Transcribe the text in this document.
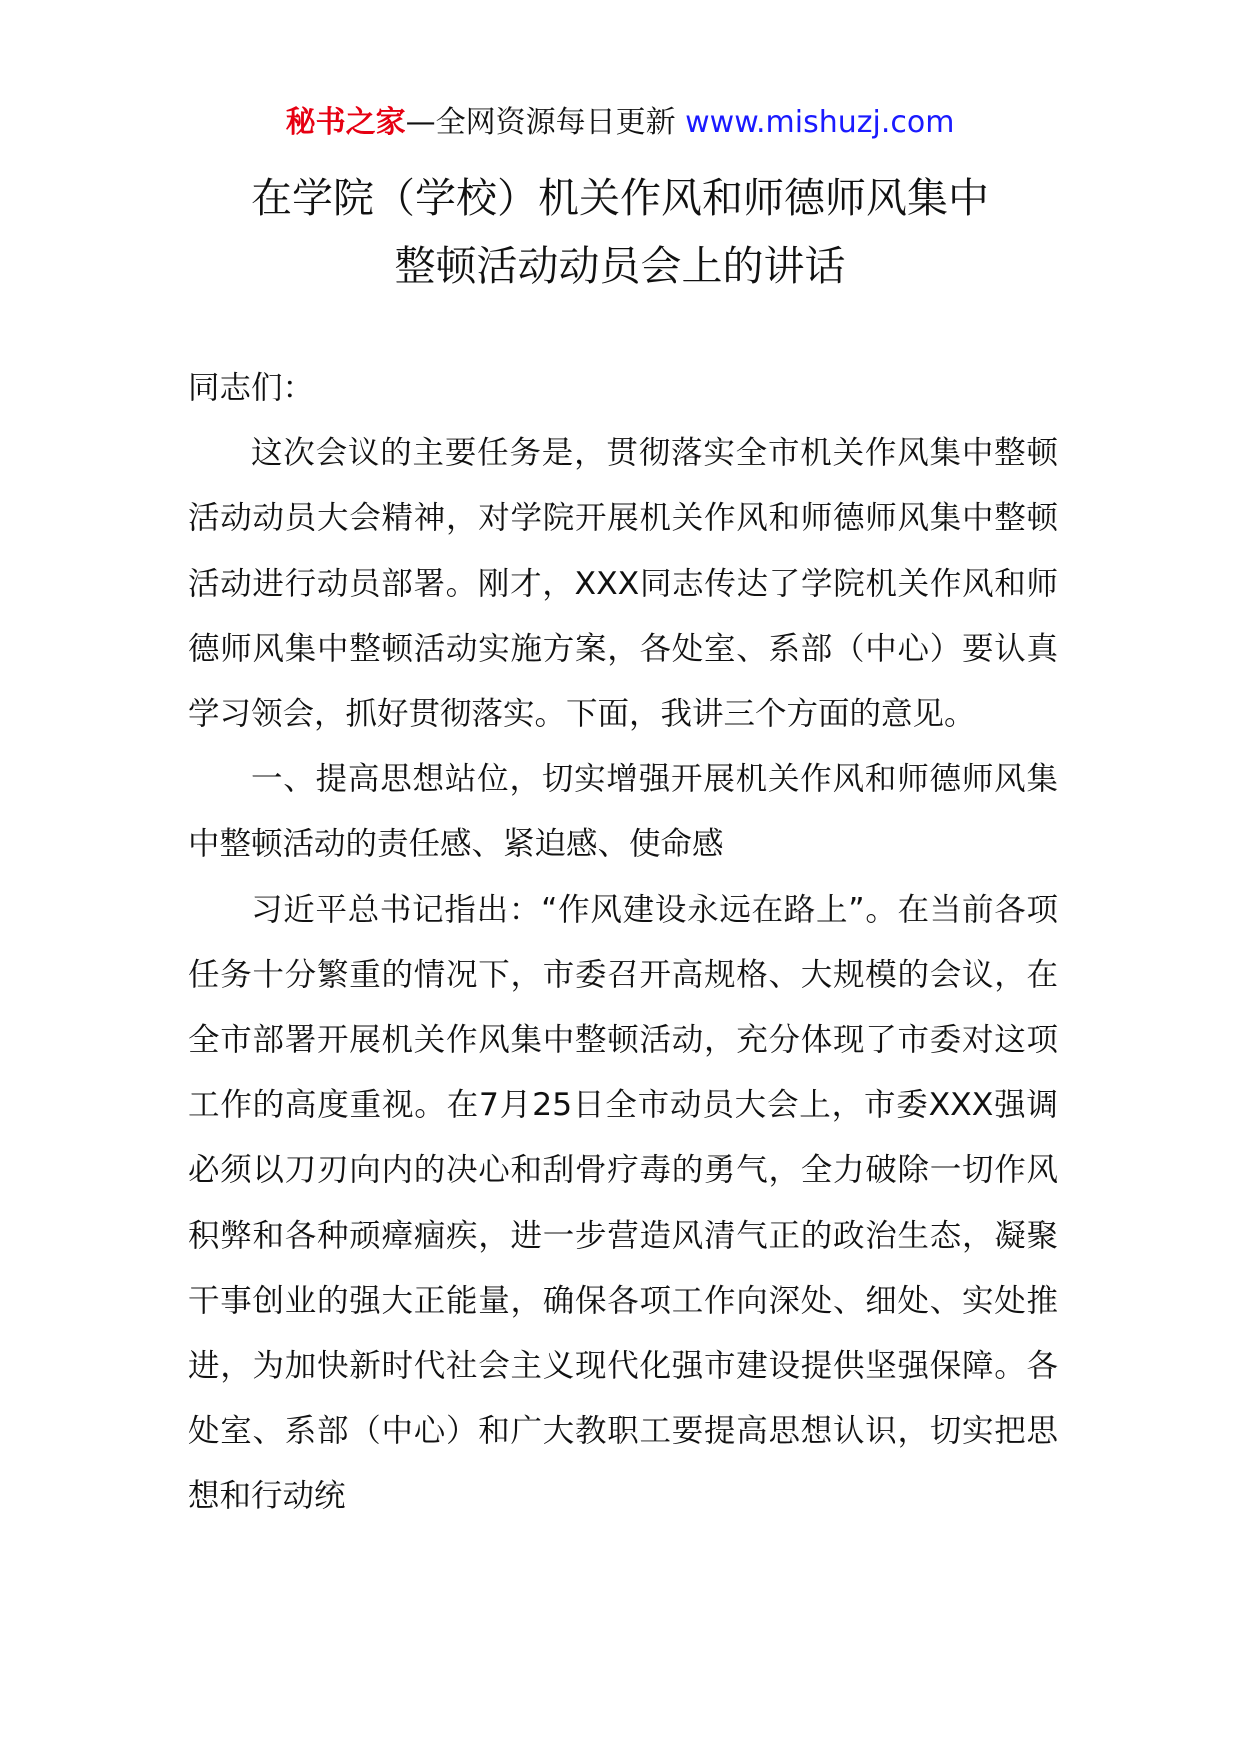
秘书之家—全网资源每日更新 www.mishuzj.com
在学院（学校）机关作风和师德师风集中
整顿活动动员会上的讲话

同志们：

这次会议的主要任务是，贯彻落实全市机关作风集中整顿活动动员大会精神，对学院开展机关作风和师德师风集中整顿活动进行动员部署。刚才，XXX同志传达了学院机关作风和师德师风集中整顿活动实施方案，各处室、系部（中心）要认真学习领会，抓好贯彻落实。下面，我讲三个方面的意见。

一、提高思想站位，切实增强开展机关作风和师德师风集中整顿活动的责任感、紧迫感、使命感

习近平总书记指出：“作风建设永远在路上”。在当前各项任务十分繁重的情况下，市委召开高规格、大规模的会议，在全市部署开展机关作风集中整顿活动，充分体现了市委对这项工作的高度重视。在7月25日全市动员大会上，市委XXX强调必须以刀刃向内的决心和刮骨疗毒的勇气，全力破除一切作风积弊和各种顽瘴痼疾，进一步营造风清气正的政治生态，凝聚干事创业的强大正能量，确保各项工作向深处、细处、实处推进，为加快新时代社会主义现代化强市建设提供坚强保障。各处室、系部（中心）和广大教职工要提高思想认识，切实把思想和行动统
